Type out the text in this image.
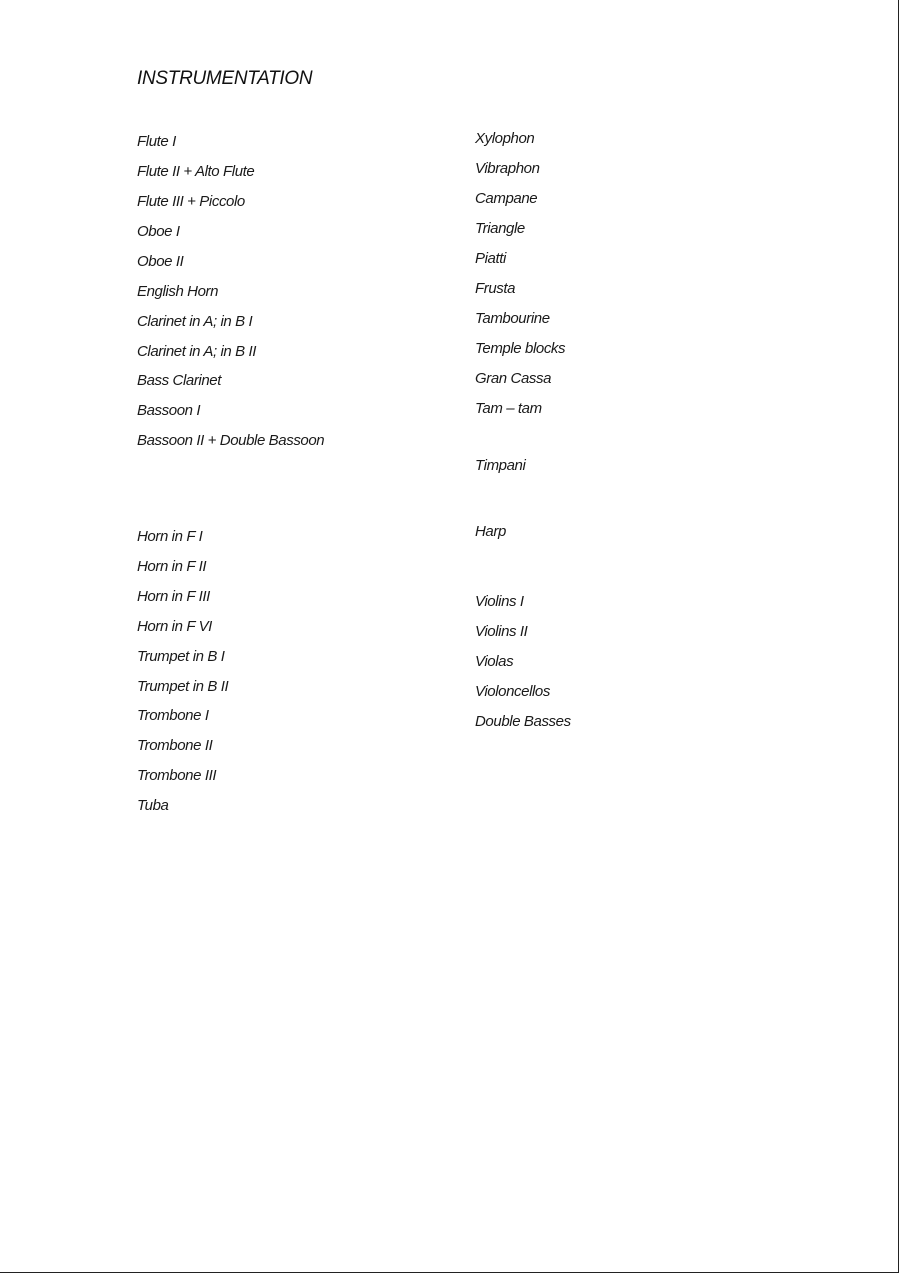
INSTRUMENTATION
Flute I
Flute II + Alto Flute
Flute III + Piccolo
Oboe I
Oboe II
English Horn
Clarinet in A; in B I
Clarinet in A; in B II
Bass Clarinet
Bassoon I
Bassoon II + Double Bassoon
Horn in F I
Horn in F II
Horn in F III
Horn in F VI
Trumpet in B I
Trumpet in B II
Trombone I
Trombone II
Trombone III
Tuba
Xylophon
Vibraphon
Campane
Triangle
Piatti
Frusta
Tambourine
Temple blocks
Gran Cassa
Tam – tam
Timpani
Harp
Violins I
Violins II
Violas
Violoncellos
Double Basses
